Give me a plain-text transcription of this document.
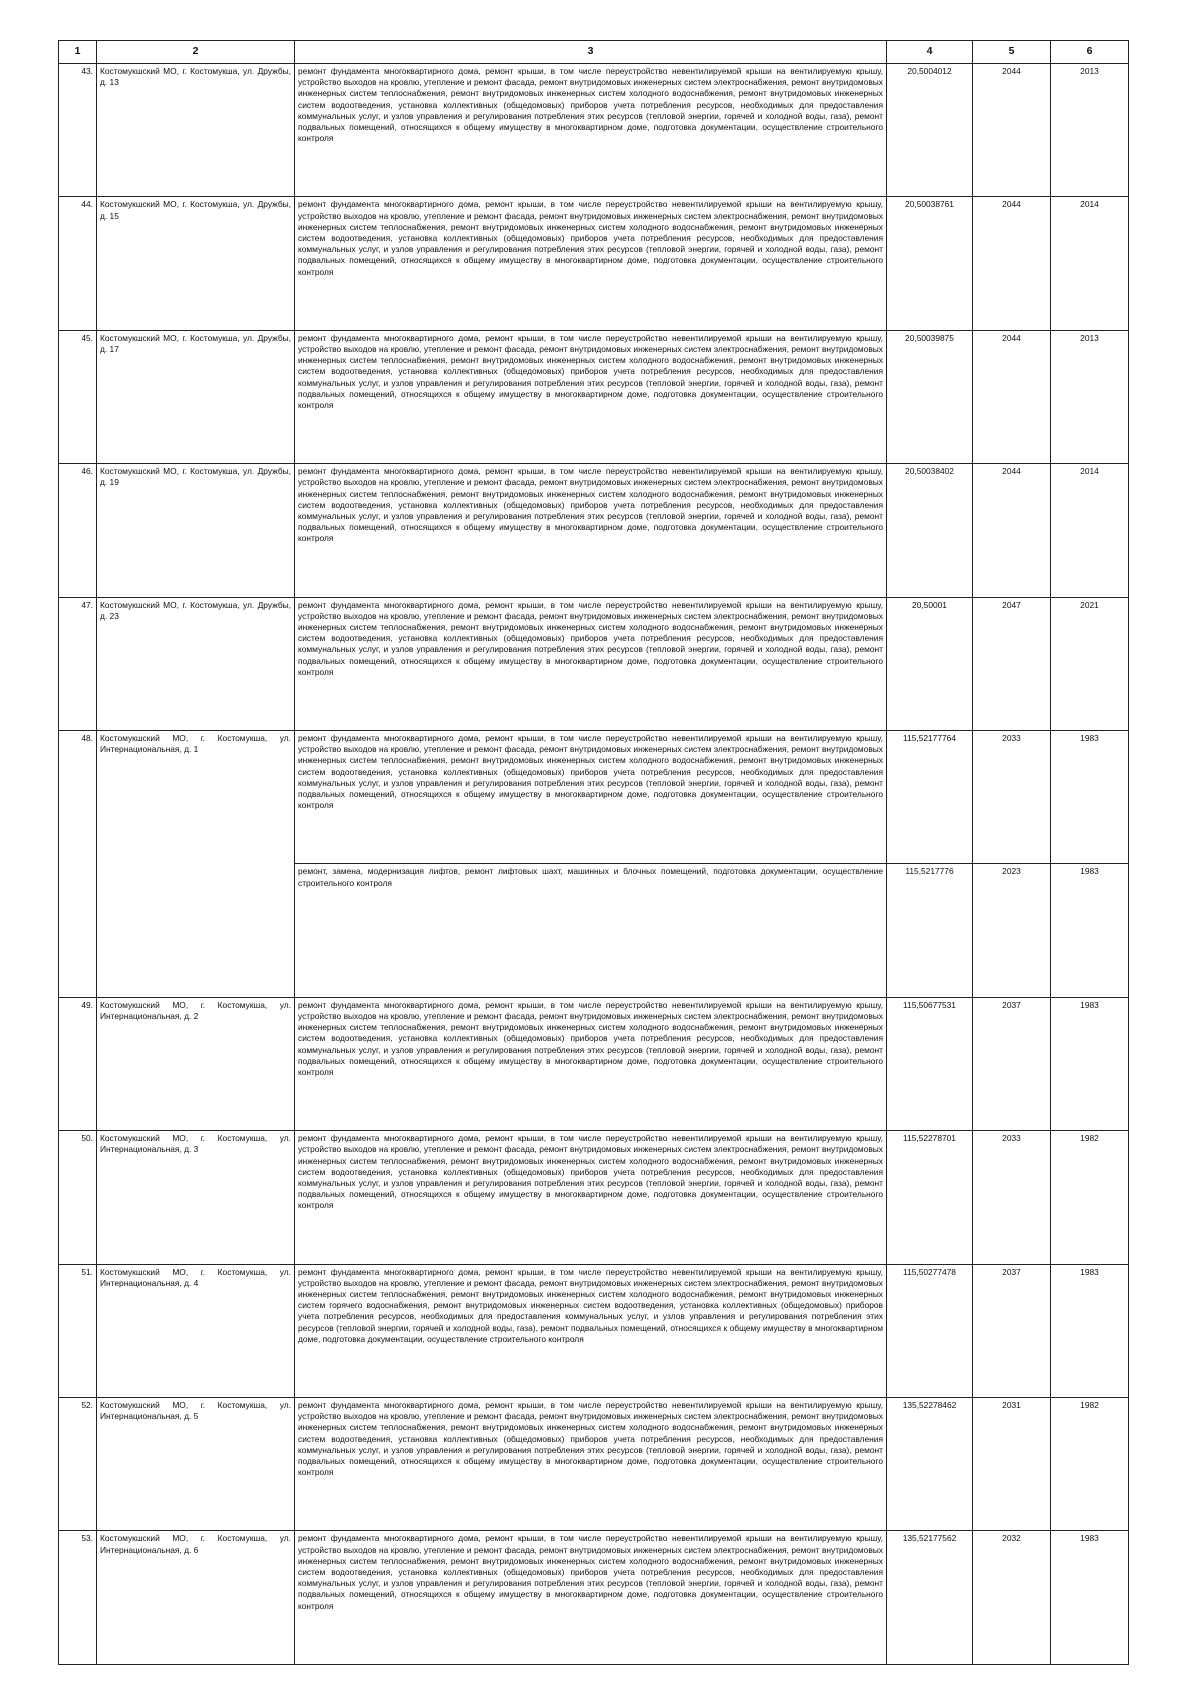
1	2	3	4	5	6
43.	Костомукшский МО, г. Костомукша, ул. Дружбы, д. 13	ремонт фундамента многоквартирного дома, ремонт крыши, в том числе переустройство невентилируемой крыши на вентилируемую крышу, устройство выходов на кровлю, утепление и ремонт фасада, ремонт внутридомовых инженерных систем электроснабжения, ремонт внутридомовых инженерных систем теплоснабжения, ремонт внутридомовых инженерных систем холодного водоснабжения, ремонт внутридомовых инженерных систем водоотведения, установка коллективных (общедомовых) приборов учета потребления ресурсов, необходимых для предоставления коммунальных услуг, и узлов управления и регулирования потребления этих ресурсов (тепловой энергии, горячей и холодной воды, газа), ремонт подвальных помещений, относящихся к общему имуществу в многоквартирном доме, подготовка документации, осуществление строительного контроля	20,5004012	2044	2013
44.	Костомукшский МО, г. Костомукша, ул. Дружбы, д. 15	ремонт фундамента многоквартирного дома, ремонт крыши, в том числе переустройство невентилируемой крыши на вентилируемую крышу, устройство выходов на кровлю, утепление и ремонт фасада, ремонт внутридомовых инженерных систем электроснабжения, ремонт внутридомовых инженерных систем теплоснабжения, ремонт внутридомовых инженерных систем холодного водоснабжения, ремонт внутридомовых инженерных систем водоотведения, установка коллективных (общедомовых) приборов учета потребления ресурсов, необходимых для предоставления коммунальных услуг, и узлов управления и регулирования потребления этих ресурсов (тепловой энергии, горячей и холодной воды, газа), ремонт подвальных помещений, относящихся к общему имуществу в многоквартирном доме, подготовка документации, осуществление строительного контроля	20,50038761	2044	2014
45.	Костомукшский МО, г. Костомукша, ул. Дружбы, д. 17	ремонт фундамента многоквартирного дома, ремонт крыши, в том числе переустройство невентилируемой крыши на вентилируемую крышу, устройство выходов на кровлю, утепление и ремонт фасада, ремонт внутридомовых инженерных систем электроснабжения, ремонт внутридомовых инженерных систем теплоснабжения, ремонт внутридомовых инженерных систем холодного водоснабжения, ремонт внутридомовых инженерных систем водоотведения, установка коллективных (общедомовых) приборов учета потребления ресурсов, необходимых для предоставления коммунальных услуг, и узлов управления и регулирования потребления этих ресурсов (тепловой энергии, горячей и холодной воды, газа), ремонт подвальных помещений, относящихся к общему имуществу в многоквартирном доме, подготовка документации, осуществление строительного контроля	20,50039875	2044	2013
46.	Костомукшский МО, г. Костомукша, ул. Дружбы, д. 19	ремонт фундамента многоквартирного дома, ремонт крыши, в том числе переустройство невентилируемой крыши на вентилируемую крышу, устройство выходов на кровлю, утепление и ремонт фасада, ремонт внутридомовых инженерных систем электроснабжения, ремонт внутридомовых инженерных систем теплоснабжения, ремонт внутридомовых инженерных систем холодного водоснабжения, ремонт внутридомовых инженерных систем водоотведения, установка коллективных (общедомовых) приборов учета потребления ресурсов, необходимых для предоставления коммунальных услуг, и узлов управления и регулирования потребления этих ресурсов (тепловой энергии, горячей и холодной воды, газа), ремонт подвальных помещений, относящихся к общему имуществу в многоквартирном доме, подготовка документации, осуществление строительного контроля	20,50038402	2044	2014
47.	Костомукшский МО, г. Костомукша, ул. Дружбы, д. 23	ремонт фундамента многоквартирного дома, ремонт крыши, в том числе переустройство невентилируемой крыши на вентилируемую крышу, устройство выходов на кровлю, утепление и ремонт фасада, ремонт внутридомовых инженерных систем электроснабжения, ремонт внутридомовых инженерных систем теплоснабжения, ремонт внутридомовых инженерных систем холодного водоснабжения, ремонт внутридомовых инженерных систем водоотведения, установка коллективных (общедомовых) приборов учета потребления ресурсов, необходимых для предоставления коммунальных услуг, и узлов управления и регулирования потребления этих ресурсов (тепловой энергии, горячей и холодной воды, газа), ремонт подвальных помещений, относящихся к общему имуществу в многоквартирном доме, подготовка документации, осуществление строительного контроля	20,50001	2047	2021
48.	Костомукшский МО, г. Костомукша, ул. Интернациональная, д. 1	ремонт фундамента многоквартирного дома, ремонт крыши, в том числе переустройство невентилируемой крыши на вентилируемую крышу, устройство выходов на кровлю, утепление и ремонт фасада, ремонт внутридомовых инженерных систем электроснабжения, ремонт внутридомовых инженерных систем теплоснабжения, ремонт внутридомовых инженерных систем холодного водоснабжения, ремонт внутридомовых инженерных систем водоотведения, установка коллективных (общедомовых) приборов учета потребления ресурсов, необходимых для предоставления коммунальных услуг, и узлов управления и регулирования потребления этих ресурсов (тепловой энергии, горячей и холодной воды, газа), ремонт подвальных помещений, относящихся к общему имуществу в многоквартирном доме, подготовка документации, осуществление строительного контроля	115,52177764	2033	1983
		ремонт, замена, модернизация лифтов, ремонт лифтовых шахт, машинных и блочных помещений, подготовка документации, осуществление строительного контроля	115,5217776	2023	1983
49.	Костомукшский МО, г. Костомукша, ул. Интернациональная, д. 2	ремонт фундамента многоквартирного дома, ремонт крыши, в том числе переустройство невентилируемой крыши на вентилируемую крышу, устройство выходов на кровлю, утепление и ремонт фасада, ремонт внутридомовых инженерных систем электроснабжения, ремонт внутридомовых инженерных систем теплоснабжения, ремонт внутридомовых инженерных систем холодного водоснабжения, ремонт внутридомовых инженерных систем водоотведения, установка коллективных (общедомовых) приборов учета потребления ресурсов, необходимых для предоставления коммунальных услуг, и узлов управления и регулирования потребления этих ресурсов (тепловой энергии, горячей и холодной воды, газа), ремонт подвальных помещений, относящихся к общему имуществу в многоквартирном доме, подготовка документации, осуществление строительного контроля	115,50677531	2037	1983
50.	Костомукшский МО, г. Костомукша, ул. Интернациональная, д. 3	ремонт фундамента многоквартирного дома, ремонт крыши, в том числе переустройство невентилируемой крыши на вентилируемую крышу, устройство выходов на кровлю, утепление и ремонт фасада, ремонт внутридомовых инженерных систем электроснабжения, ремонт внутридомовых инженерных систем теплоснабжения, ремонт внутридомовых инженерных систем холодного водоснабжения, ремонт внутридомовых инженерных систем водоотведения, установка коллективных (общедомовых) приборов учета потребления ресурсов, необходимых для предоставления коммунальных услуг, и узлов управления и регулирования потребления этих ресурсов (тепловой энергии, горячей и холодной воды, газа), ремонт подвальных помещений, относящихся к общему имуществу в многоквартирном доме, подготовка документации, осуществление строительного контроля	115,52278701	2033	1982
51.	Костомукшский МО, г. Костомукша, ул. Интернациональная, д. 4	ремонт фундамента многоквартирного дома, ремонт крыши, в том числе переустройство невентилируемой крыши на вентилируемую крышу, устройство выходов на кровлю, утепление и ремонт фасада, ремонт внутридомовых инженерных систем электроснабжения, ремонт внутридомовых инженерных систем теплоснабжения, ремонт внутридомовых инженерных систем холодного водоснабжения, ремонт внутридомовых инженерных систем горячего водоснабжения, ремонт внутридомовых инженерных систем водоотведения, установка коллективных (общедомовых) приборов учета потребления ресурсов, необходимых для предоставления коммунальных услуг, и узлов управления и регулирования потребления этих ресурсов (тепловой энергии, горячей и холодной воды, газа), ремонт подвальных помещений, относящихся к общему имуществу в многоквартирном доме, подготовка документации, осуществление строительного контроля	115,50277478	2037	1983
52.	Костомукшский МО, г. Костомукша, ул. Интернациональная, д. 5	ремонт фундамента многоквартирного дома, ремонт крыши, в том числе переустройство невентилируемой крыши на вентилируемую крышу, устройство выходов на кровлю, утепление и ремонт фасада, ремонт внутридомовых инженерных систем электроснабжения, ремонт внутридомовых инженерных систем теплоснабжения, ремонт внутридомовых инженерных систем холодного водоснабжения, ремонт внутридомовых инженерных систем водоотведения, установка коллективных (общедомовых) приборов учета потребления ресурсов, необходимых для предоставления коммунальных услуг, и узлов управления и регулирования потребления этих ресурсов (тепловой энергии, горячей и холодной воды, газа), ремонт подвальных помещений, относящихся к общему имуществу в многоквартирном доме, подготовка документации, осуществление строительного контроля	135,52278462	2031	1982
53.	Костомукшский МО, г. Костомукша, ул. Интернациональная, д. 6	ремонт фундамента многоквартирного дома, ремонт крыши, в том числе переустройство невентилируемой крыши на вентилируемую крышу, устройство выходов на кровлю, утепление и ремонт фасада, ремонт внутридомовых инженерных систем электроснабжения, ремонт внутридомовых инженерных систем теплоснабжения, ремонт внутридомовых инженерных систем холодного водоснабжения, ремонт внутридомовых инженерных систем водоотведения, установка коллективных (общедомовых) приборов учета потребления ресурсов, необходимых для предоставления коммунальных услуг, и узлов управления и регулирования потребления этих ресурсов (тепловой энергии, горячей и холодной воды, газа), ремонт подвальных помещений, относящихся к общему имуществу в многоквартирном доме, подготовка документации, осуществление строительного контроля	135,52177562	2032	1983
